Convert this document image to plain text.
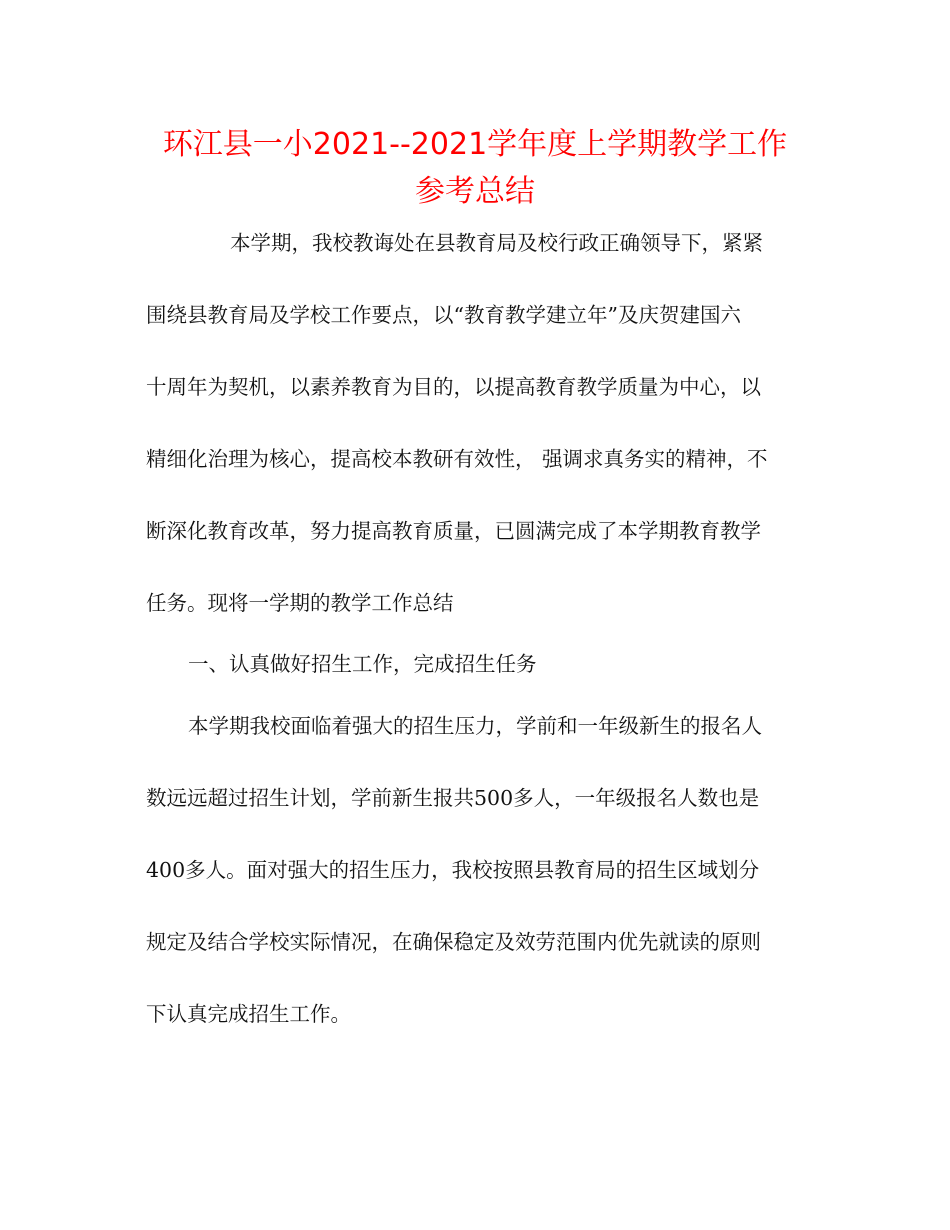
环江县一小2021--2021学年度上学期教学工作
参考总结
本学期，我校教诲处在县教育局及校行政正确领导下，紧紧
围绕县教育局及学校工作要点，以“教育教学建立年”及庆贺建国六
十周年为契机，以素养教育为目的，以提高教育教学质量为中心，以
精细化治理为核心，提高校本教研有效性， 强调求真务实的精神，不
断深化教育改革，努力提高教育质量，已圆满完成了本学期教育教学
任务。现将一学期的教学工作总结
一、认真做好招生工作，完成招生任务
本学期我校面临着强大的招生压力，学前和一年级新生的报名人
数远远超过招生计划，学前新生报共500多人，一年级报名人数也是
400多人。面对强大的招生压力，我校按照县教育局的招生区域划分
规定及结合学校实际情况，在确保稳定及效劳范围内优先就读的原则
下认真完成招生工作。
